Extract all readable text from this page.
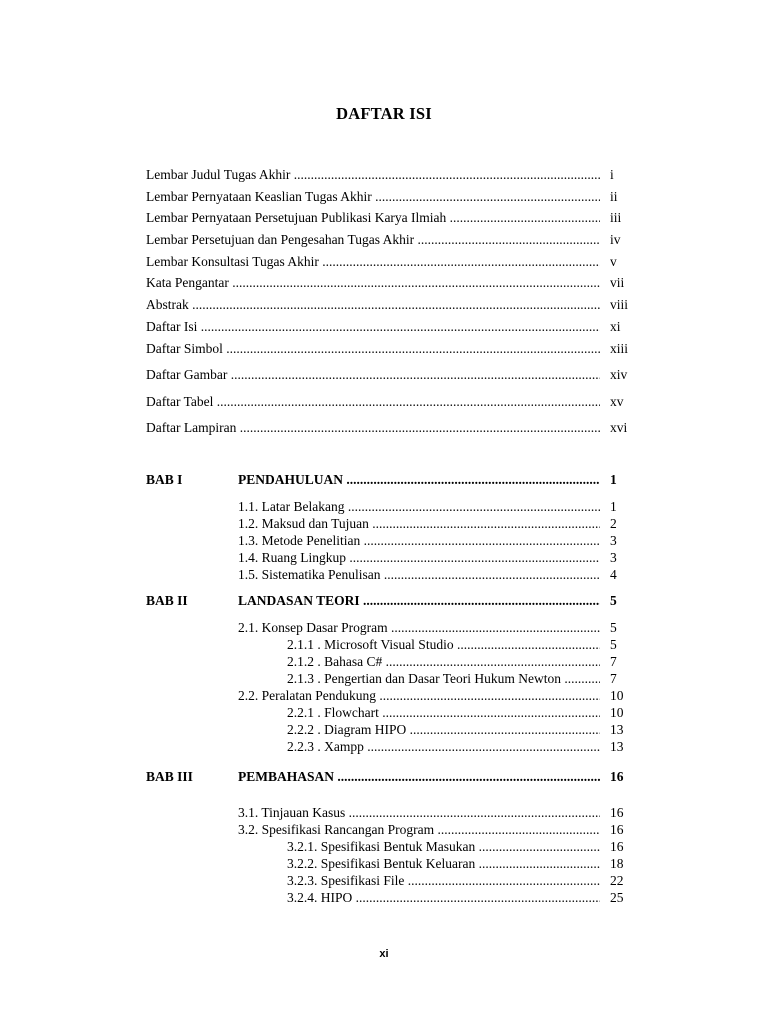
DAFTAR ISI
Lembar Judul Tugas Akhir .....	i
Lembar Pernyataan Keaslian Tugas Akhir .....	ii
Lembar Pernyataan Persetujuan Publikasi Karya Ilmiah .....	iii
Lembar Persetujuan dan Pengesahan Tugas Akhir .....	iv
Lembar Konsultasi Tugas Akhir .....	v
Kata Pengantar .....	vii
Abstrak .....	viii
Daftar Isi .....	xi
Daftar Simbol .....	xiii
Daftar Gambar .....	xiv
Daftar Tabel .....	xv
Daftar Lampiran .....	xvi
BAB I	PENDAHULUAN .....	1
1.1. Latar Belakang .....	1
1.2. Maksud dan Tujuan .....	2
1.3. Metode Penelitian .....	3
1.4. Ruang Lingkup .....	3
1.5. Sistematika Penulisan .....	4
BAB II	LANDASAN TEORI .....	5
2.1. Konsep Dasar Program .....	5
2.1.1 . Microsoft Visual Studio .....	5
2.1.2 . Bahasa C# .....	7
2.1.3 . Pengertian dan Dasar Teori Hukum Newton .....	7
2.2. Peralatan Pendukung .....	10
2.2.1 . Flowchart .....	10
2.2.2 . Diagram HIPO .....	13
2.2.3 . Xampp .....	13
BAB III	PEMBAHASAN .....	16
3.1. Tinjauan Kasus .....	16
3.2. Spesifikasi Rancangan Program .....	16
3.2.1. Spesifikasi Bentuk Masukan .....	16
3.2.2. Spesifikasi Bentuk Keluaran .....	18
3.2.3. Spesifikasi File .....	22
3.2.4. HIPO .....	25
xi
